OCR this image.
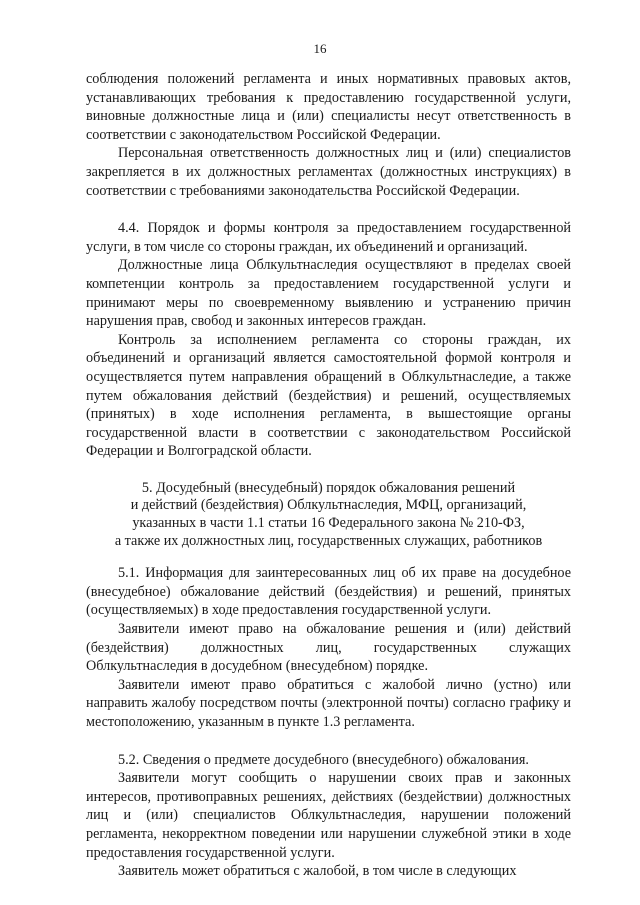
16

соблюдения положений регламента и иных нормативных правовых актов, устанавливающих требования к предоставлению государственной услуги, виновные должностные лица и (или) специалисты несут ответственность в соответствии с законодательством Российской Федерации.

Персональная ответственность должностных лиц и (или) специалистов закрепляется в их должностных регламентах (должностных инструкциях) в соответствии с требованиями законодательства Российской Федерации.

4.4. Порядок и формы контроля за предоставлением государственной услуги, в том числе со стороны граждан, их объединений и организаций.

Должностные лица Облкультнаследия осуществляют в пределах своей компетенции контроль за предоставлением государственной услуги и принимают меры по своевременному выявлению и устранению причин нарушения прав, свобод и законных интересов граждан.

Контроль за исполнением регламента со стороны граждан, их объединений и организаций является самостоятельной формой контроля и осуществляется путем направления обращений в Облкультнаследие, а также путем обжалования действий (бездействия) и решений, осуществляемых (принятых) в ходе исполнения регламента, в вышестоящие органы государственной власти в соответствии с законодательством Российской Федерации и Волгоградской области.

5. Досудебный (внесудебный) порядок обжалования решений

и действий (бездействия) Облкультнаследия, МФЦ, организаций,

указанных в части 1.1 статьи 16 Федерального закона № 210-ФЗ,

а также их должностных лиц, государственных служащих, работников

5.1. Информация для заинтересованных лиц об их праве на досудебное (внесудебное) обжалование действий (бездействия) и решений, принятых (осуществляемых) в ходе предоставления государственной услуги.

Заявители имеют право на обжалование решения и (или) действий (бездействия) должностных лиц, государственных служащих Облкультнаследия в досудебном (внесудебном) порядке.

Заявители имеют право обратиться с жалобой лично (устно) или направить жалобу посредством почты (электронной почты) согласно графику и местоположению, указанным в пункте 1.3 регламента.

5.2. Сведения о предмете досудебного (внесудебного) обжалования.

Заявители могут сообщить о нарушении своих прав и законных интересов, противоправных решениях, действиях (бездействии) должностных лиц и (или) специалистов Облкультнаследия, нарушении положений регламента, некорректном поведении или нарушении служебной этики в ходе предоставления государственной услуги.

Заявитель может обратиться с жалобой, в том числе в следующих
